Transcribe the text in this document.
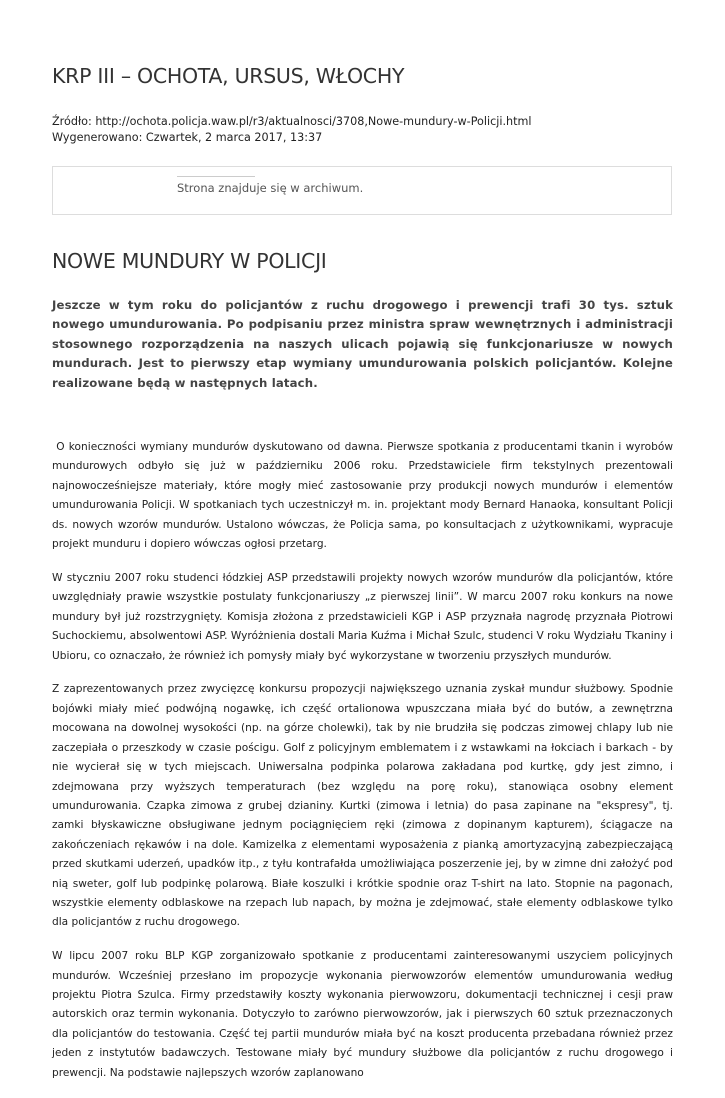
KRP III – OCHOTA, URSUS, WŁOCHY
Źródło: http://ochota.policja.waw.pl/r3/aktualnosci/3708,Nowe-mundury-w-Policji.html
Wygenerowano: Czwartek, 2 marca 2017, 13:37
Strona znajduje się w archiwum.
NOWE MUNDURY W POLICJI

Jeszcze w tym roku do policjantów z ruchu drogowego i prewencji trafi 30 tys. sztuk nowego umundurowania. Po podpisaniu przez ministra spraw wewnętrznych i administracji stosownego rozporządzenia na naszych ulicach pojawią się funkcjonariusze w nowych mundurach. Jest to pierwszy etap wymiany umundurowania polskich policjantów. Kolejne realizowane będą w następnych latach.

O konieczności wymiany mundurów dyskutowano od dawna. Pierwsze spotkania z producentami tkanin i wyrobów mundurowych odbyło się już w październiku 2006 roku. Przedstawiciele firm tekstylnych prezentowali najnowocześniejsze materiały, które mogły mieć zastosowanie przy produkcji nowych mundurów i elementów umundurowania Policji. W spotkaniach tych uczestniczył m. in. projektant mody Bernard Hanaoka, konsultant Policji ds. nowych wzorów mundurów. Ustalono wówczas, że Policja sama, po konsultacjach z użytkownikami, wypracuje projekt munduru i dopiero wówczas ogłosi przetarg.

W styczniu 2007 roku studenci łódzkiej ASP przedstawili projekty nowych wzorów mundurów dla policjantów, które uwzględniały prawie wszystkie postulaty funkcjonariuszy „z pierwszej linii”. W marcu 2007 roku konkurs na nowe mundury był już rozstrzygnięty. Komisja złożona z przedstawicieli KGP i ASP przyznała nagrodę przyznała Piotrowi Suchockiemu, absolwentowi ASP. Wyróżnienia dostali Maria Kuźma i Michał Szulc, studenci V roku Wydziału Tkaniny i Ubioru, co oznaczało, że również ich pomysły miały być wykorzystane w tworzeniu przyszłych mundurów.

Z zaprezentowanych przez zwycięzcę konkursu propozycji największego uznania zyskał mundur służbowy. Spodnie bojówki miały mieć podwójną nogawkę, ich część ortalionowa wpuszczana miała być do butów, a zewnętrzna mocowana na dowolnej wysokości (np. na górze cholewki), tak by nie brudziła się podczas zimowej chlapy lub nie zaczepiała o przeszkody w czasie pościgu. Golf z policyjnym emblematem i z wstawkami na łokciach i barkach - by nie wycierał się w tych miejscach. Uniwersalna podpinka polarowa zakładana pod kurtkę, gdy jest zimno, i zdejmowana przy wyższych temperaturach (bez względu na porę roku), stanowiąca osobny element umundurowania. Czapka zimowa z grubej dzianiny. Kurtki (zimowa i letnia) do pasa zapinane na "ekspresy", tj. zamki błyskawiczne obsługiwane jednym pociągnięciem ręki (zimowa z dopinanym kapturem), ściągacze na zakończeniach rękawów i na dole. Kamizelka z elementami wyposażenia z pianką amortyzacyjną zabezpieczającą przed skutkami uderzeń, upadków itp., z tyłu kontrafałda umożliwiająca poszerzenie jej, by w zimne dni założyć pod nią sweter, golf lub podpinkę polarową. Białe koszulki i krótkie spodnie oraz T-shirt na lato. Stopnie na pagonach, wszystkie elementy odblaskowe na rzepach lub napach, by można je zdejmować, stałe elementy odblaskowe tylko dla policjantów z ruchu drogowego.

W lipcu 2007 roku BLP KGP zorganizowało spotkanie z producentami zainteresowanymi uszyciem policyjnych mundurów. Wcześniej przesłano im propozycje wykonania pierwowzorów elementów umundurowania według projektu Piotra Szulca. Firmy przedstawiły koszty wykonania pierwowzoru, dokumentacji technicznej i cesji praw autorskich oraz termin wykonania. Dotyczyło to zarówno pierwowzorów, jak i pierwszych 60 sztuk przeznaczonych dla policjantów do testowania. Część tej partii mundurów miała być na koszt producenta przebadana również przez jeden z instytutów badawczych. Testowane miały być mundury służbowe dla policjantów z ruchu drogowego i prewencji. Na podstawie najlepszych wzorów zaplanowano
